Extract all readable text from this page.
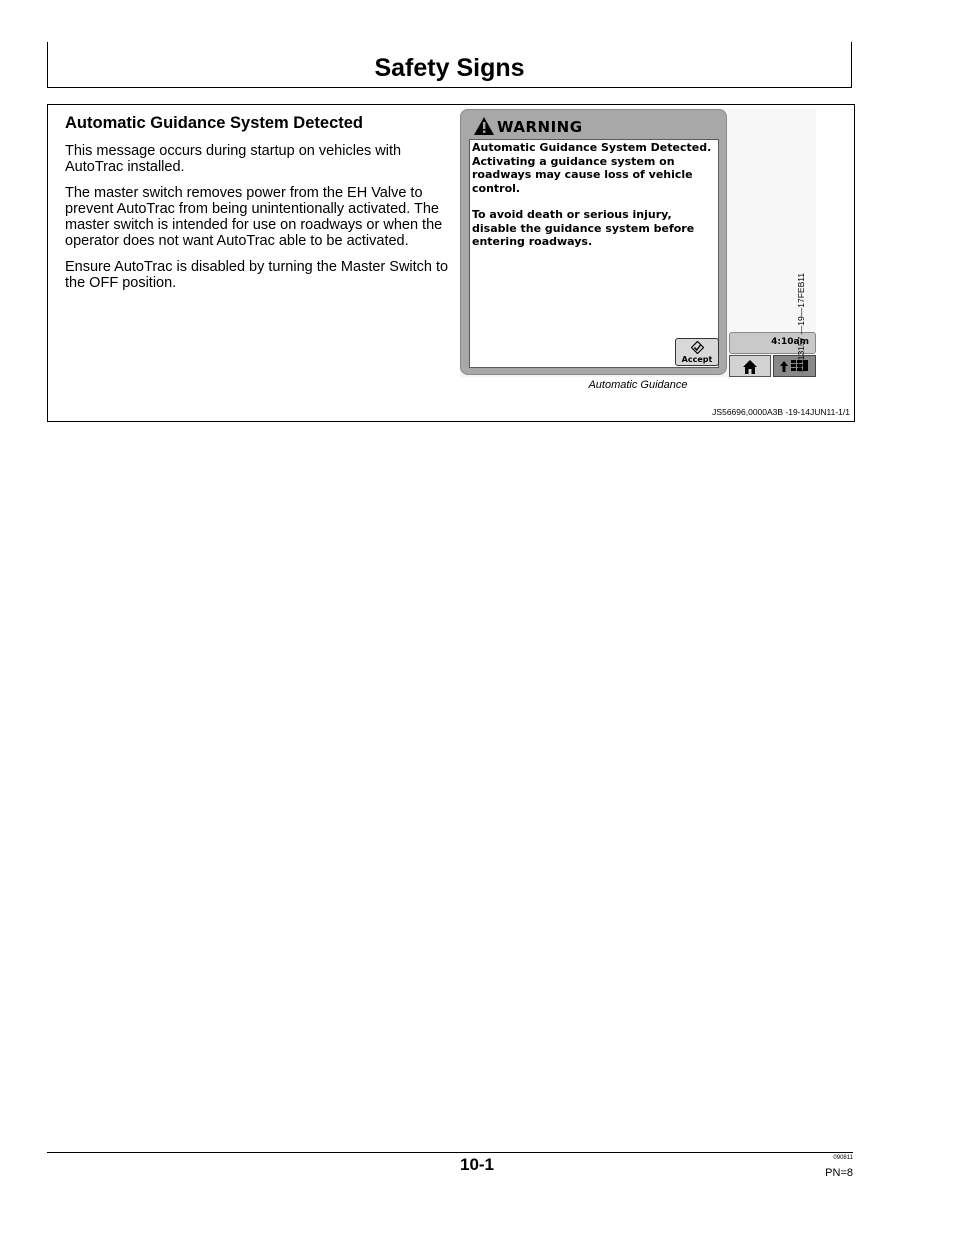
Safety Signs
Automatic Guidance System Detected

This message occurs during startup on vehicles with AutoTrac installed.

The master switch removes power from the EH Valve to prevent AutoTrac from being unintentionally activated. The master switch is intended for use on roadways or when the operator does not want AutoTrac able to be activated.

Ensure AutoTrac is disabled by turning the Master Switch to the OFF position.

WARNING

Automatic Guidance System Detected. Activating a guidance system on roadways may cause loss of vehicle control.

To avoid death or serious injury, disable the guidance system before entering roadways.

Accept
4:10am
PC13157 —19—17FEB11
Automatic Guidance
JS56696,0000A3B -19-14JUN11-1/1
10-1	090811
PN=8
